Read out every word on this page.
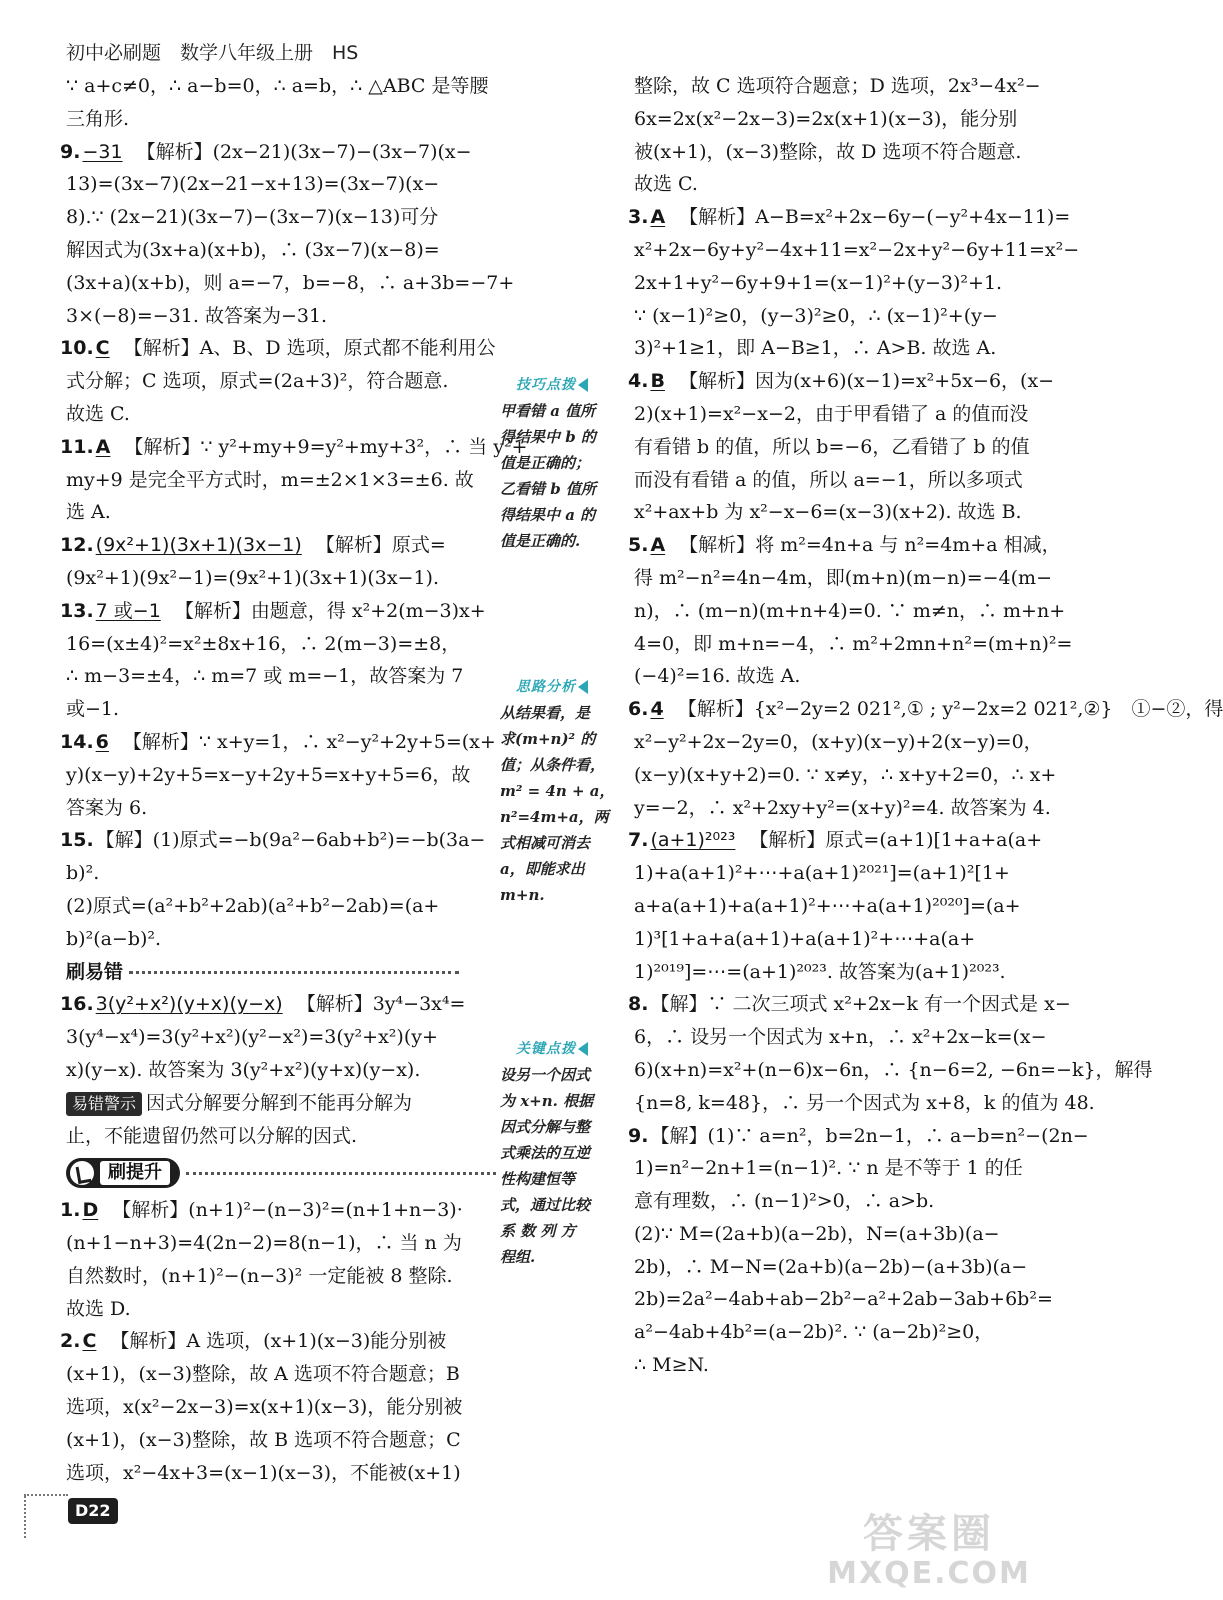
初中必刷题　数学八年级上册　HS
∵ a+c≠0，∴ a−b=0，∴ a=b，∴ △ABC 是等腰
三角形.
9. −31 【解析】(2x−21)(3x−7)−(3x−7)(x−
13)=(3x−7)(2x−21−x+13)=(3x−7)(x−
8).∵ (2x−21)(3x−7)−(3x−7)(x−13)可分
解因式为(3x+a)(x+b)，∴ (3x−7)(x−8)=
(3x+a)(x+b)，则 a=−7，b=−8，∴ a+3b=−7+
3×(−8)=−31. 故答案为−31.
10. C 【解析】A、B、D 选项，原式都不能利用公
式分解；C 选项，原式=(2a+3)²，符合题意.
故选 C.
11. A 【解析】∵ y²+my+9=y²+my+3²，∴ 当 y²+
my+9 是完全平方式时，m=±2×1×3=±6. 故
选 A.
12. (9x²+1)(3x+1)(3x−1) 【解析】原式=
(9x²+1)(9x²−1)=(9x²+1)(3x+1)(3x−1).
13. 7 或−1 【解析】由题意，得 x²+2(m−3)x+
16=(x±4)²=x²±8x+16，∴ 2(m−3)=±8，
∴ m−3=±4，∴ m=7 或 m=−1，故答案为 7
或−1.
14. 6 【解析】∵ x+y=1，∴ x²−y²+2y+5=(x+
y)(x−y)+2y+5=x−y+2y+5=x+y+5=6，故
答案为 6.
15. 【解】(1)原式=−b(9a²−6ab+b²)=−b(3a−
b)².
(2)原式=(a²+b²+2ab)(a²+b²−2ab)=(a+
b)²(a−b)².
刷易错
16. 3(y²+x²)(y+x)(y−x) 【解析】3y⁴−3x⁴=
3(y⁴−x⁴)=3(y²+x²)(y²−x²)=3(y²+x²)(y+
x)(y−x). 故答案为 3(y²+x²)(y+x)(y−x).
易错警示 因式分解要分解到不能再分解为
止，不能遗留仍然可以分解的因式.
刷提升
1. D 【解析】(n+1)²−(n−3)²=(n+1+n−3)·
(n+1−n+3)=4(2n−2)=8(n−1)，∴ 当 n 为
自然数时，(n+1)²−(n−3)² 一定能被 8 整除.
故选 D.
2. C 【解析】A 选项，(x+1)(x−3)能分别被
(x+1)，(x−3)整除，故 A 选项不符合题意；B
选项，x(x²−2x−3)=x(x+1)(x−3)，能分别被
(x+1)，(x−3)整除，故 B 选项不符合题意；C
选项，x²−4x+3=(x−1)(x−3)，不能被(x+1)
整除，故 C 选项符合题意；D 选项，2x³−4x²−
6x=2x(x²−2x−3)=2x(x+1)(x−3)，能分别
被(x+1)，(x−3)整除，故 D 选项不符合题意.
故选 C.
3. A 【解析】A−B=x²+2x−6y−(−y²+4x−11)=
x²+2x−6y+y²−4x+11=x²−2x+y²−6y+11=x²−
2x+1+y²−6y+9+1=(x−1)²+(y−3)²+1.
∵ (x−1)²≥0，(y−3)²≥0，∴ (x−1)²+(y−
3)²+1≥1，即 A−B≥1，∴ A>B. 故选 A.
4. B 【解析】因为(x+6)(x−1)=x²+5x−6，(x−
2)(x+1)=x²−x−2，由于甲看错了 a 的值而没
有看错 b 的值，所以 b=−6，乙看错了 b 的值
而没有看错 a 的值，所以 a=−1，所以多项式
x²+ax+b 为 x²−x−6=(x−3)(x+2). 故选 B.
5. A 【解析】将 m²=4n+a 与 n²=4m+a 相减，
得 m²−n²=4n−4m，即(m+n)(m−n)=−4(m−
n)，∴ (m−n)(m+n+4)=0. ∵ m≠n，∴ m+n+
4=0，即 m+n=−4，∴ m²+2mn+n²=(m+n)²=
(−4)²=16. 故选 A.
6. 4 【解析】{x²−2y=2 021²,① ; y²−2x=2 021²,②}　①−②，得
x²−y²+2x−2y=0，(x+y)(x−y)+2(x−y)=0，
(x−y)(x+y+2)=0. ∵ x≠y，∴ x+y+2=0，∴ x+
y=−2，∴ x²+2xy+y²=(x+y)²=4. 故答案为 4.
7. (a+1)²⁰²³ 【解析】原式=(a+1)[1+a+a(a+
1)+a(a+1)²+⋯+a(a+1)²⁰²¹]=(a+1)²[1+
a+a(a+1)+a(a+1)²+⋯+a(a+1)²⁰²⁰]=(a+
1)³[1+a+a(a+1)+a(a+1)²+⋯+a(a+
1)²⁰¹⁹]=⋯=(a+1)²⁰²³. 故答案为(a+1)²⁰²³.
8. 【解】∵ 二次三项式 x²+2x−k 有一个因式是 x−
6，∴ 设另一个因式为 x+n，∴ x²+2x−k=(x−
6)(x+n)=x²+(n−6)x−6n，∴ {n−6=2, −6n=−k}，解得
{n=8, k=48}，∴ 另一个因式为 x+8，k 的值为 48.
9. 【解】(1)∵ a=n²，b=2n−1，∴ a−b=n²−(2n−
1)=n²−2n+1=(n−1)². ∵ n 是不等于 1 的任
意有理数，∴ (n−1)²>0，∴ a>b.
(2)∵ M=(2a+b)(a−2b)，N=(a+3b)(a−
2b)，∴ M−N=(2a+b)(a−2b)−(a+3b)(a−
2b)=2a²−4ab+ab−2b²−a²+2ab−3ab+6b²=
a²−4ab+4b²=(a−2b)². ∵ (a−2b)²≥0，
∴ M≥N.
技巧点拨
甲看错 a 值所
得结果中 b 的
值是正确的；
乙看错 b 值所
得结果中 a 的
值是正确的.
思路分析
从结果看，是
求(m+n)² 的
值；从条件看，
m² = 4n + a，
n²=4m+a，两
式相减可消去
a，即能求出
m+n.
关键点拨
设另一个因式
为 x+n. 根据
因式分解与整
式乘法的互逆
性构建恒等
式，通过比较
系 数 列 方
程组.
D22
答案圈
MXQE.COM
